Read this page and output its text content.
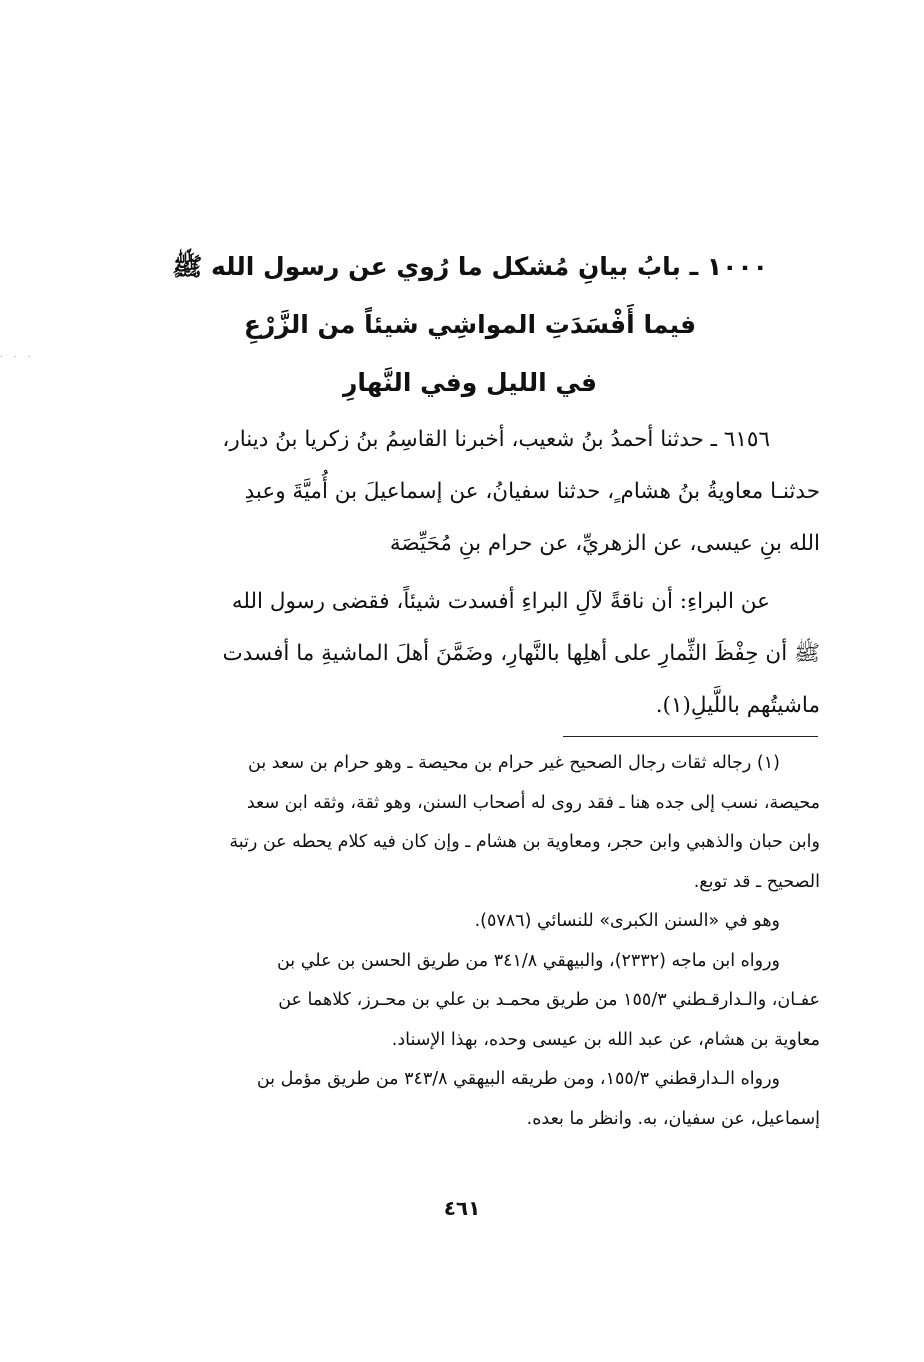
. . .
١٠٠٠ ـ بابُ بيانِ مُشكل ما رُوي عن رسول الله ﷺ
فيما أَفْسَدَتِ المواشِي شيئاً من الزَّرْعِ
في الليل وفي النَّهارِ
٦١٥٦ ـ حدثنا أحمدُ بنُ شعيب، أخبرنا القاسِمُ بنُ زكريا بنُ دينار،
حدثنـا معاويةُ بنُ هشام ٍ، حدثنا سفيانُ، عن إسماعيلَ بن أُميَّةَ وعبدِ
الله بنِ عيسى، عن الزهريِّ، عن حرام بنِ مُحَيِّصَة
عن البراءِ: أن ناقةً لآلِ البراءِ أفسدت شيئاً، فقضى رسول الله
ﷺ أن حِفْظَ الثِّمارِ على أهلِها بالنَّهارِ، وضَمَّنَ أهلَ الماشيةِ ما أفسدت
ماشيتُهم باللَّيلِ(١).
(١) رجاله ثقات رجال الصحيح غير حرام بن محيصة ـ وهو حرام بن سعد بن
محيصة، نسب إلى جده هنا ـ فقد روى له أصحاب السنن، وهو ثقة، وثقه ابن سعد
وابن حبان والذهبي وابن حجر، ومعاوية بن هشام ـ وإن كان فيه كلام يحطه عن رتبة
الصحيح ـ قد توبع.
وهو في «السنن الكبرى» للنسائي (٥٧٨٦).
ورواه ابن ماجه (٢٣٣٢)، والبيهقي ٣٤١/٨ من طريق الحسن بن علي بن
عفـان، والـدارقـطني ١٥٥/٣ من طريق محمـد بن علي بن محـرز، كلاهما عن
معاوية بن هشام، عن عبد الله بن عيسى وحده، بهذا الإسناد.
ورواه الـدارقطني ١٥٥/٣، ومن طريقه البيهقي ٣٤٣/٨ من طريق مؤمل بن
إسماعيل، عن سفيان، به. وانظر ما بعده.
٤٦١
